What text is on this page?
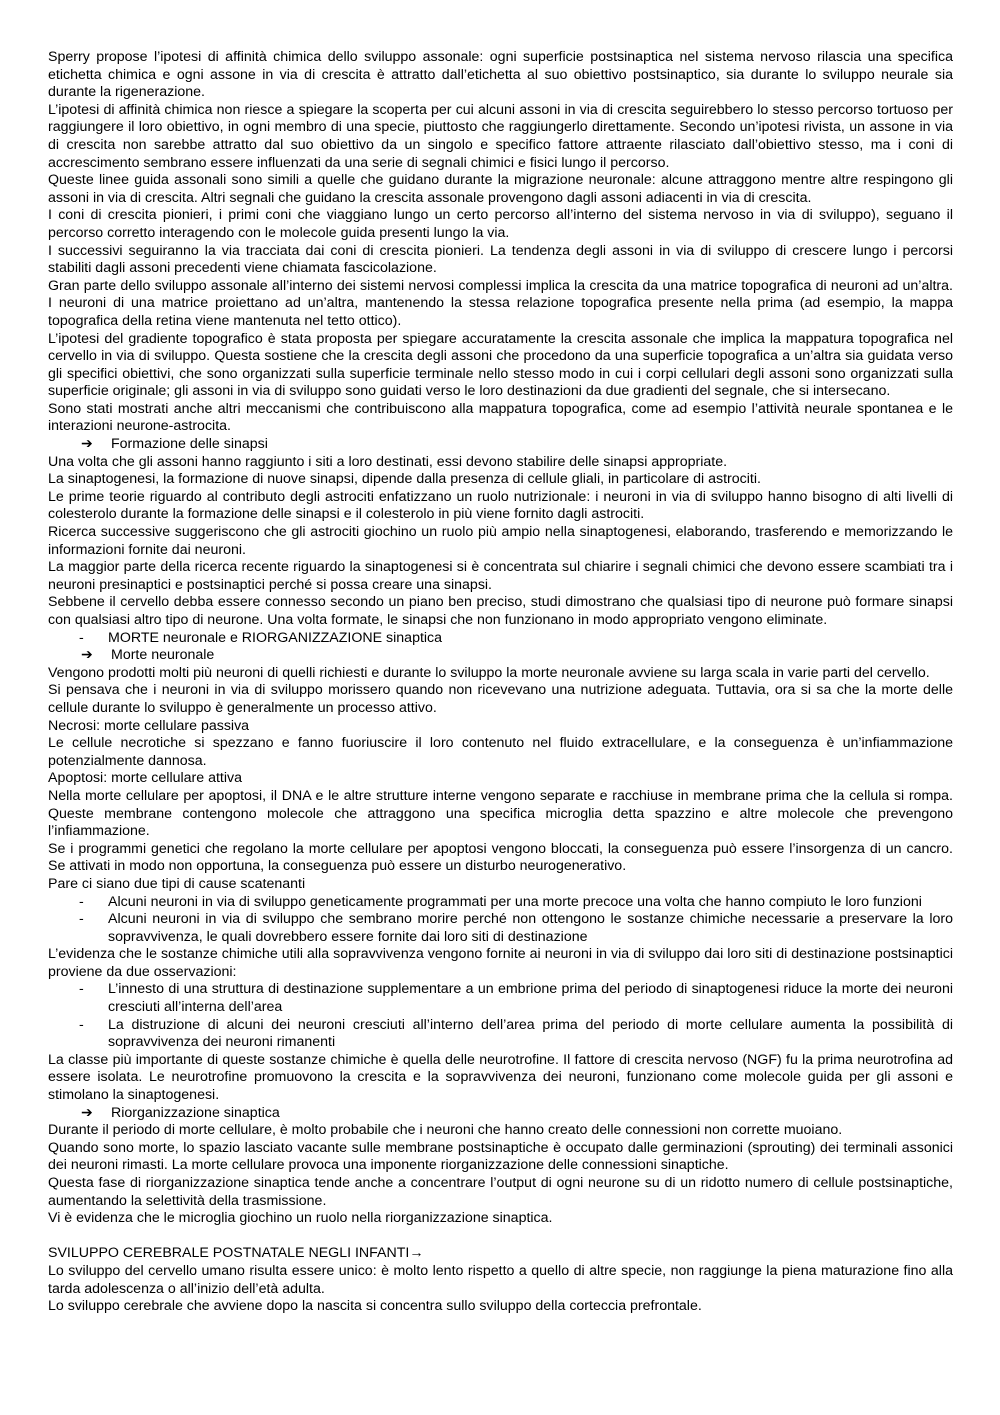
Sperry propose l’ipotesi di affinità chimica dello sviluppo assonale: ogni superficie postsinaptica nel sistema nervoso rilascia una specifica etichetta chimica e ogni assone in via di crescita è attratto dall’etichetta al suo obiettivo postsinaptico, sia durante lo sviluppo neurale sia durante la rigenerazione.

L’ipotesi di affinità chimica non riesce a spiegare la scoperta per cui alcuni assoni in via di crescita seguirebbero lo stesso percorso tortuoso per raggiungere il loro obiettivo, in ogni membro di una specie, piuttosto che raggiungerlo direttamente. Secondo un’ipotesi rivista, un assone in via di crescita non sarebbe attratto dal suo obiettivo da un singolo e specifico fattore attraente rilasciato dall’obiettivo stesso, ma i coni di accrescimento sembrano essere influenzati da una serie di segnali chimici e fisici lungo il percorso.

Queste linee guida assonali sono simili a quelle che guidano durante la migrazione neuronale: alcune attraggono mentre altre respingono gli assoni in via di crescita. Altri segnali che guidano la crescita assonale provengono dagli assoni adiacenti in via di crescita.

I coni di crescita pionieri, i primi coni che viaggiano lungo un certo percorso all’interno del sistema nervoso in via di sviluppo), seguano il percorso corretto interagendo con le molecole guida presenti lungo la via.

I successivi seguiranno la via tracciata dai coni di crescita pionieri. La tendenza degli assoni in via di sviluppo di crescere lungo i percorsi stabiliti dagli assoni precedenti viene chiamata fascicolazione.

Gran parte dello sviluppo assonale all’interno dei sistemi nervosi complessi implica la crescita da una matrice topografica di neuroni ad un’altra. I neuroni di una matrice proiettano ad un’altra, mantenendo la stessa relazione topografica presente nella prima (ad esempio, la mappa topografica della retina viene mantenuta nel tetto ottico).

L’ipotesi del gradiente topografico è stata proposta per spiegare accuratamente la crescita assonale che implica la mappatura topografica nel cervello in via di sviluppo. Questa sostiene che la crescita degli assoni che procedono da una superficie topografica a un’altra sia guidata verso gli specifici obiettivi, che sono organizzati sulla superficie terminale nello stesso modo in cui i corpi cellulari degli assoni sono organizzati sulla superficie originale; gli assoni in via di sviluppo sono guidati verso le loro destinazioni da due gradienti del segnale, che si intersecano.

Sono stati mostrati anche altri meccanismi che contribuiscono alla mappatura topografica, come ad esempio l’attività neurale spontanea e le interazioni neurone-astrocita.

➔ Formazione delle sinapsi

Una volta che gli assoni hanno raggiunto i siti a loro destinati, essi devono stabilire delle sinapsi appropriate.

La sinaptogenesi, la formazione di nuove sinapsi, dipende dalla presenza di cellule gliali, in particolare di astrociti.

Le prime teorie riguardo al contributo degli astrociti enfatizzano un ruolo nutrizionale: i neuroni in via di sviluppo hanno bisogno di alti livelli di colesterolo durante la formazione delle sinapsi e il colesterolo in più viene fornito dagli astrociti.

Ricerca successive suggeriscono che gli astrociti giochino un ruolo più ampio nella sinaptogenesi, elaborando, trasferendo e memorizzando le informazioni fornite dai neuroni.

La maggior parte della ricerca recente riguardo la sinaptogenesi si è concentrata sul chiarire i segnali chimici che devono essere scambiati tra i neuroni presinaptici e postsinaptici perché si possa creare una sinapsi.

Sebbene il cervello debba essere connesso secondo un piano ben preciso, studi dimostrano che qualsiasi tipo di neurone può formare sinapsi con qualsiasi altro tipo di neurone. Una volta formate, le sinapsi che non funzionano in modo appropriato vengono eliminate.

-	MORTE neuronale e RIORGANIZZAZIONE sinaptica
➔ Morte neuronale

Vengono prodotti molti più neuroni di quelli richiesti e durante lo sviluppo la morte neuronale avviene su larga scala in varie parti del cervello.

Si pensava che i neuroni in via di sviluppo morissero quando non ricevevano una nutrizione adeguata. Tuttavia, ora si sa che la morte delle cellule durante lo sviluppo è generalmente un processo attivo.

Necrosi: morte cellulare passiva

Le cellule necrotiche si spezzano e fanno fuoriuscire il loro contenuto nel fluido extracellulare, e la conseguenza è un’infiammazione potenzialmente dannosa.

Apoptosi: morte cellulare attiva

Nella morte cellulare per apoptosi, il DNA e le altre strutture interne vengono separate e racchiuse in membrane prima che la cellula si rompa. Queste membrane contengono molecole che attraggono una specifica microglia detta spazzino e altre molecole che prevengono l’infiammazione.

Se i programmi genetici che regolano la morte cellulare per apoptosi vengono bloccati, la conseguenza può essere l’insorgenza di un cancro. Se attivati in modo non opportuna, la conseguenza può essere un disturbo neurogenerativo.

Pare ci siano due tipi di cause scatenanti

-	Alcuni neuroni in via di sviluppo geneticamente programmati per una morte precoce una volta che hanno compiuto le loro funzioni
-	Alcuni neuroni in via di sviluppo che sembrano morire perché non ottengono le sostanze chimiche necessarie a preservare la loro sopravvivenza, le quali dovrebbero essere fornite dai loro siti di destinazione

L’evidenza che le sostanze chimiche utili alla sopravvivenza vengono fornite ai neuroni in via di sviluppo dai loro siti di destinazione postsinaptici proviene da due osservazioni:

-	L’innesto di una struttura di destinazione supplementare a un embrione prima del periodo di sinaptogenesi riduce la morte dei neuroni cresciuti all’interna dell’area
-	La distruzione di alcuni dei neuroni cresciuti all’interno dell’area prima del periodo di morte cellulare aumenta la possibilità di sopravvivenza dei neuroni rimanenti

La classe più importante di queste sostanze chimiche è quella delle neurotrofine. Il fattore di crescita nervoso (NGF) fu la prima neurotrofina ad essere isolata. Le neurotrofine promuovono la crescita e la sopravvivenza dei neuroni, funzionano come molecole guida per gli assoni e stimolano la sinaptogenesi.

➔ Riorganizzazione sinaptica

Durante il periodo di morte cellulare, è molto probabile che i neuroni che hanno creato delle connessioni non corrette muoiano.

Quando sono morte, lo spazio lasciato vacante sulle membrane postsinaptiche è occupato dalle germinazioni (sprouting) dei terminali assonici dei neuroni rimasti. La morte cellulare provoca una imponente riorganizzazione delle connessioni sinaptiche.

Questa fase di riorganizzazione sinaptica tende anche a concentrare l’output di ogni neurone su di un ridotto numero di cellule postsinaptiche, aumentando la selettività della trasmissione.

Vi è evidenza che le microglia giochino un ruolo nella riorganizzazione sinaptica.

SVILUPPO CEREBRALE POSTNATALE NEGLI INFANTI→

Lo sviluppo del cervello umano risulta essere unico: è molto lento rispetto a quello di altre specie, non raggiunge la piena maturazione fino alla tarda adolescenza o all’inizio dell’età adulta.

Lo sviluppo cerebrale che avviene dopo la nascita si concentra sullo sviluppo della corteccia prefrontale.
